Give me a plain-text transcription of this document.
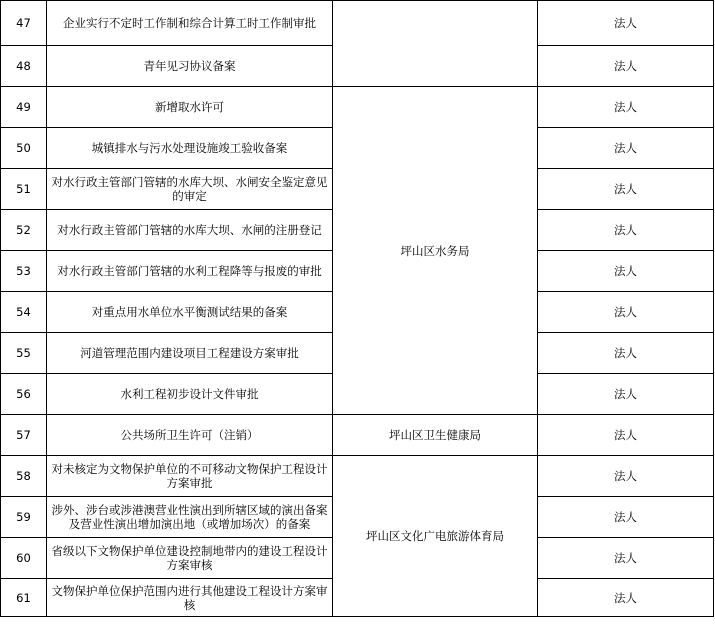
47	企业实行不定时工作制和综合计算工时工作制审批		法人
48	青年见习协议备案		法人
49	新增取水许可	坪山区水务局	法人
50	城镇排水与污水处理设施竣工验收备案		法人
51	对水行政主管部门管辖的水库大坝、水闸安全鉴定意见的审定		法人
52	对水行政主管部门管辖的水库大坝、水闸的注册登记		法人
53	对水行政主管部门管辖的水利工程降等与报废的审批		法人
54	对重点用水单位水平衡测试结果的备案		法人
55	河道管理范围内建设项目工程建设方案审批		法人
56	水利工程初步设计文件审批		法人
57	公共场所卫生许可（注销）	坪山区卫生健康局	法人
58	对未核定为文物保护单位的不可移动文物保护工程设计方案审批	坪山区文化广电旅游体育局	法人
59	涉外、涉台或涉港澳营业性演出到所辖区域的演出备案及营业性演出增加演出地（或增加场次）的备案		法人
60	省级以下文物保护单位建设控制地带内的建设工程设计方案审核		法人
61	文物保护单位保护范围内进行其他建设工程设计方案审核		法人
